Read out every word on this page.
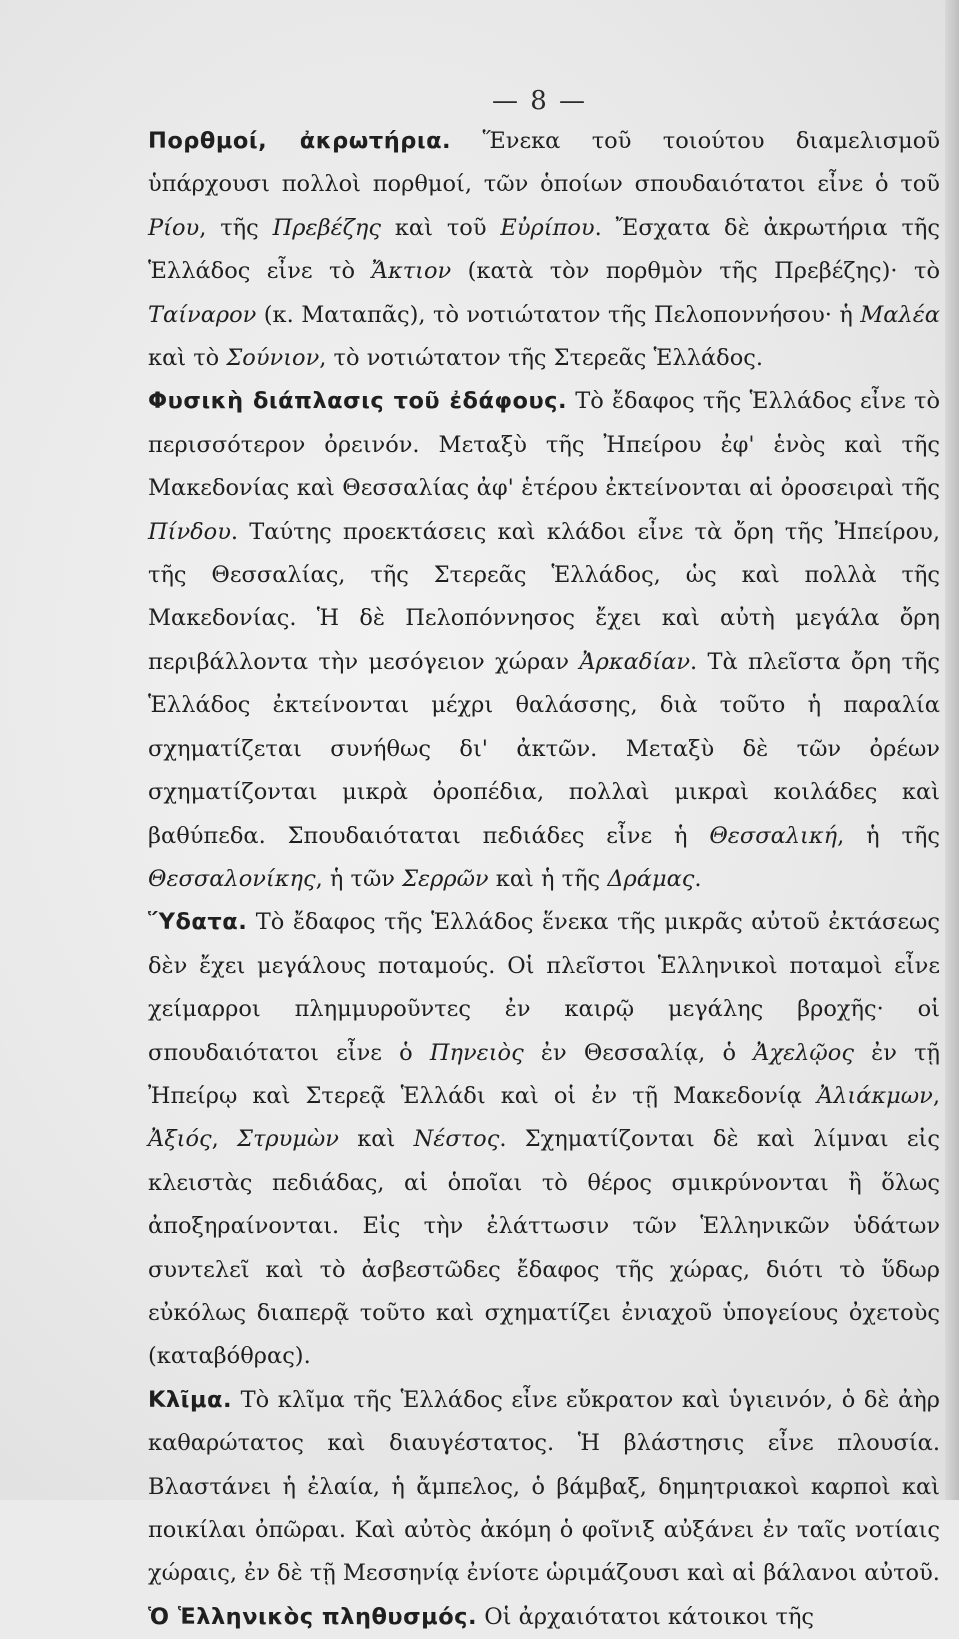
— 8 —

Πορθμοί, ἀκρωτήρια. Ἕνεκα τοῦ τοιούτου διαμελισμοῦ ὑπάρχουσι πολλοὶ πορθμοί, τῶν ὁποίων σπουδαιότατοι εἶνε ὁ τοῦ Ρίου, τῆς Πρεβέζης καὶ τοῦ Εὐρίπου. Ἔσχατα δὲ ἀκρωτήρια τῆς Ἑλλάδος εἶνε τὸ Ἄκτιον (κατὰ τὸν πορθμὸν τῆς Πρεβέζης)· τὸ Ταίναρον (κ. Ματαπᾶς), τὸ νοτιώτατον τῆς Πελοποννήσου· ἡ Μαλέα καὶ τὸ Σούνιον, τὸ νοτιώτατον τῆς Στερεᾶς Ἑλλάδος.

Φυσικὴ διάπλασις τοῦ ἐδάφους. Τὸ ἔδαφος τῆς Ἑλλάδος εἶνε τὸ περισσότερον ὀρεινόν. Μεταξὺ τῆς Ἠπείρου ἐφ' ἑνὸς καὶ τῆς Μακεδονίας καὶ Θεσσαλίας ἀφ' ἑτέρου ἐκτείνονται αἱ ὀροσειραὶ τῆς Πίνδου. Ταύτης προεκτάσεις καὶ κλάδοι εἶνε τὰ ὄρη τῆς Ἠπείρου, τῆς Θεσσαλίας, τῆς Στερεᾶς Ἑλλάδος, ὡς καὶ πολλὰ τῆς Μακεδονίας. Ἡ δὲ Πελοπόννησος ἔχει καὶ αὐτὴ μεγάλα ὄρη περιβάλλοντα τὴν μεσόγειον χώραν Ἀρκαδίαν. Τὰ πλεῖστα ὄρη τῆς Ἑλλάδος ἐκτείνονται μέχρι θαλάσσης, διὰ τοῦτο ἡ παραλία σχηματίζεται συνήθως δι' ἀκτῶν. Μεταξὺ δὲ τῶν ὀρέων σχηματίζονται μικρὰ ὀροπέδια, πολλαὶ μικραὶ κοιλάδες καὶ βαθύπεδα. Σπουδαιόταται πεδιάδες εἶνε ἡ Θεσσαλική, ἡ τῆς Θεσσαλονίκης, ἡ τῶν Σερρῶν καὶ ἡ τῆς Δράμας.

Ὕδατα. Τὸ ἔδαφος τῆς Ἑλλάδος ἕνεκα τῆς μικρᾶς αὐτοῦ ἐκτάσεως δὲν ἔχει μεγάλους ποταμούς. Οἱ πλεῖστοι Ἑλληνικοὶ ποταμοὶ εἶνε χείμαρροι πλημμυροῦντες ἐν καιρῷ μεγάλης βροχῆς· οἱ σπουδαιότατοι εἶνε ὁ Πηνειὸς ἐν Θεσσαλίᾳ, ὁ Ἀχελῷος ἐν τῇ Ἠπείρῳ καὶ Στερεᾷ Ἑλλάδι καὶ οἱ ἐν τῇ Μακεδονίᾳ Ἀλιάκμων, Ἀξιός, Στρυμὼν καὶ Νέστος. Σχηματίζονται δὲ καὶ λίμναι εἰς κλειστὰς πεδιάδας, αἱ ὁποῖαι τὸ θέρος σμικρύνονται ἢ ὅλως ἀποξηραίνονται. Εἰς τὴν ἐλάττωσιν τῶν Ἑλληνικῶν ὑδάτων συντελεῖ καὶ τὸ ἀσβεστῶδες ἔδαφος τῆς χώρας, διότι τὸ ὕδωρ εὐκόλως διαπερᾷ τοῦτο καὶ σχηματίζει ἐνιαχοῦ ὑπογείους ὀχετοὺς (καταβόθρας).

Κλῖμα. Τὸ κλῖμα τῆς Ἑλλάδος εἶνε εὔκρατον καὶ ὑγιεινόν, ὁ δὲ ἀὴρ καθαρώτατος καὶ διαυγέστατος. Ἡ βλάστησις εἶνε πλουσία. Βλαστάνει ἡ ἐλαία, ἡ ἄμπελος, ὁ βάμβαξ, δημητριακοὶ καρποὶ καὶ ποικίλαι ὀπῶραι. Καὶ αὐτὸς ἀκόμη ὁ φοῖνιξ αὐξάνει ἐν ταῖς νοτίαις χώραις, ἐν δὲ τῇ Μεσσηνίᾳ ἐνίοτε ὡριμάζουσι καὶ αἱ βάλανοι αὐτοῦ.

Ὁ Ἑλληνικὸς πληθυσμός. Οἱ ἀρχαιότατοι κάτοικοι τῆς
